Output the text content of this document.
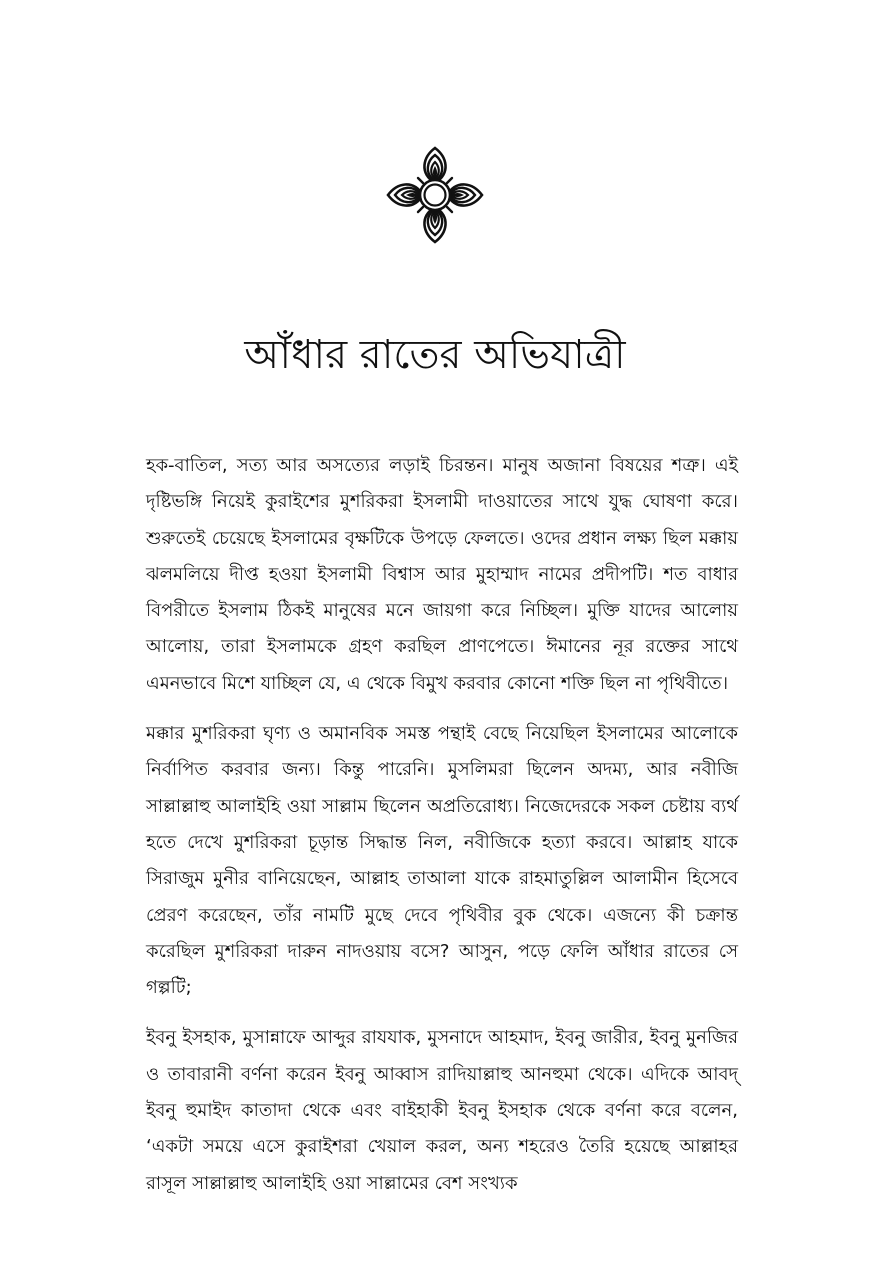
আঁধার রাতের অভিযাত্রী

হক-বাতিল, সত্য আর অসত্যের লড়াই চিরন্তন। মানুষ অজানা বিষয়ের শত্রু। এই দৃষ্টিভঙ্গি নিয়েই কুরাইশের মুশরিকরা ইসলামী দাওয়াতের সাথে যুদ্ধ ঘোষণা করে। শুরুতেই চেয়েছে ইসলামের বৃক্ষটিকে উপড়ে ফেলতে। ওদের প্রধান লক্ষ্য ছিল মক্কায় ঝলমলিয়ে দীপ্ত হওয়া ইসলামী বিশ্বাস আর মুহাম্মাদ নামের প্রদীপটি। শত বাধার বিপরীতে ইসলাম ঠিকই মানুষের মনে জায়গা করে নিচ্ছিল। মুক্তি যাদের আলোয় আলোয়, তারা ইসলামকে গ্রহণ করছিল প্রাণপেতে। ঈমানের নূর রক্তের সাথে এমনভাবে মিশে যাচ্ছিল যে, এ থেকে বিমুখ করবার কোনো শক্তি ছিল না পৃথিবীতে।

মক্কার মুশরিকরা ঘৃণ্য ও অমানবিক সমস্ত পন্থাই বেছে নিয়েছিল ইসলামের আলোকে নির্বাপিত করবার জন্য। কিন্তু পারেনি। মুসলিমরা ছিলেন অদম্য, আর নবীজি সাল্লাল্লাহু আলাইহি ওয়া সাল্লাম ছিলেন অপ্রতিরোধ্য। নিজেদেরকে সকল চেষ্টায় ব্যর্থ হতে দেখে মুশরিকরা চূড়ান্ত সিদ্ধান্ত নিল, নবীজিকে হত্যা করবে। আল্লাহ যাকে সিরাজুম মুনীর বানিয়েছেন, আল্লাহ তাআলা যাকে রাহমাতুল্লিল আলামীন হিসেবে প্রেরণ করেছেন, তাঁর নামটি মুছে দেবে পৃথিবীর বুক থেকে। এজন্যে কী চক্রান্ত করেছিল মুশরিকরা দারুন নাদওয়ায় বসে? আসুন, পড়ে ফেলি আঁধার রাতের সে গল্পটি;

ইবনু ইসহাক, মুসান্নাফে আব্দুর রাযযাক, মুসনাদে আহমাদ, ইবনু জারীর, ইবনু মুনজির ও তাবারানী বর্ণনা করেন ইবনু আব্বাস রাদিয়াল্লাহু আনহুমা থেকে। এদিকে আবদ্ ইবনু হুমাইদ কাতাদা থেকে এবং বাইহাকী ইবনু ইসহাক থেকে বর্ণনা করে বলেন, ‘একটা সময়ে এসে কুরাইশরা খেয়াল করল, অন্য শহরেও তৈরি হয়েছে আল্লাহর রাসূল সাল্লাল্লাহু আলাইহি ওয়া সাল্লামের বেশ সংখ্যক
